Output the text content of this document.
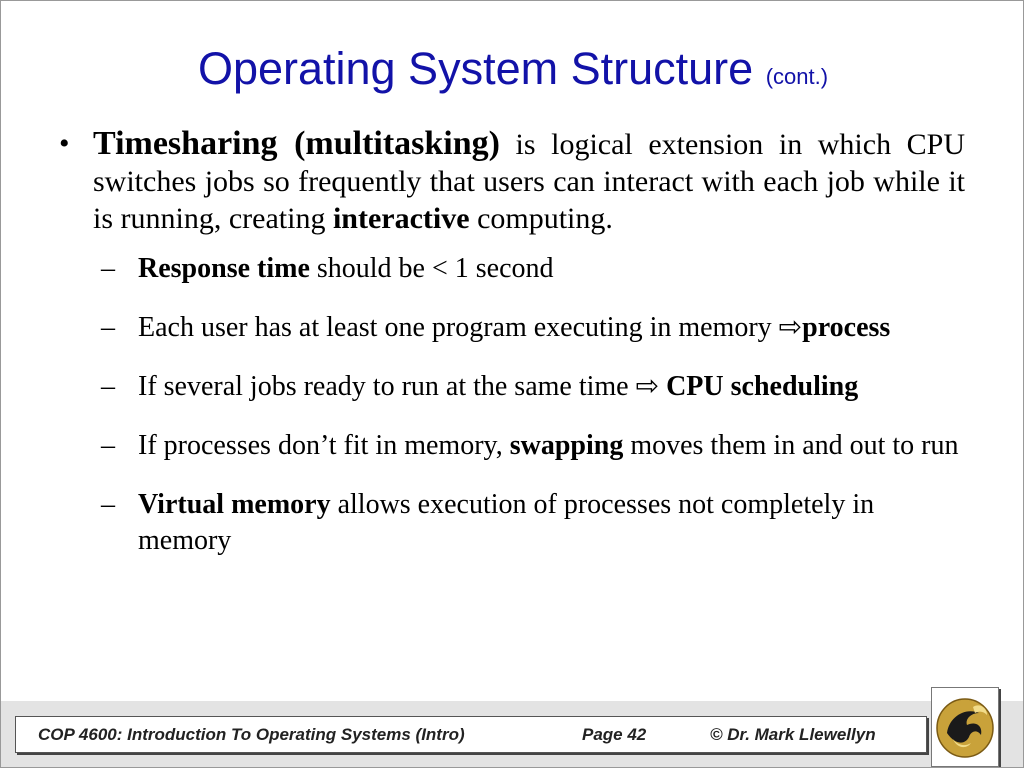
Operating System Structure (cont.)
• Timesharing (multitasking) is logical extension in which CPU switches jobs so frequently that users can interact with each job while it is running, creating interactive computing.
– Response time should be < 1 second
– Each user has at least one program executing in memory ⇨process
– If several jobs ready to run at the same time ⇨ CPU scheduling
– If processes don’t fit in memory, swapping moves them in and out to run
– Virtual memory allows execution of processes not completely in memory
COP 4600: Introduction To Operating Systems (Intro)	Page 42	© Dr. Mark Llewellyn
